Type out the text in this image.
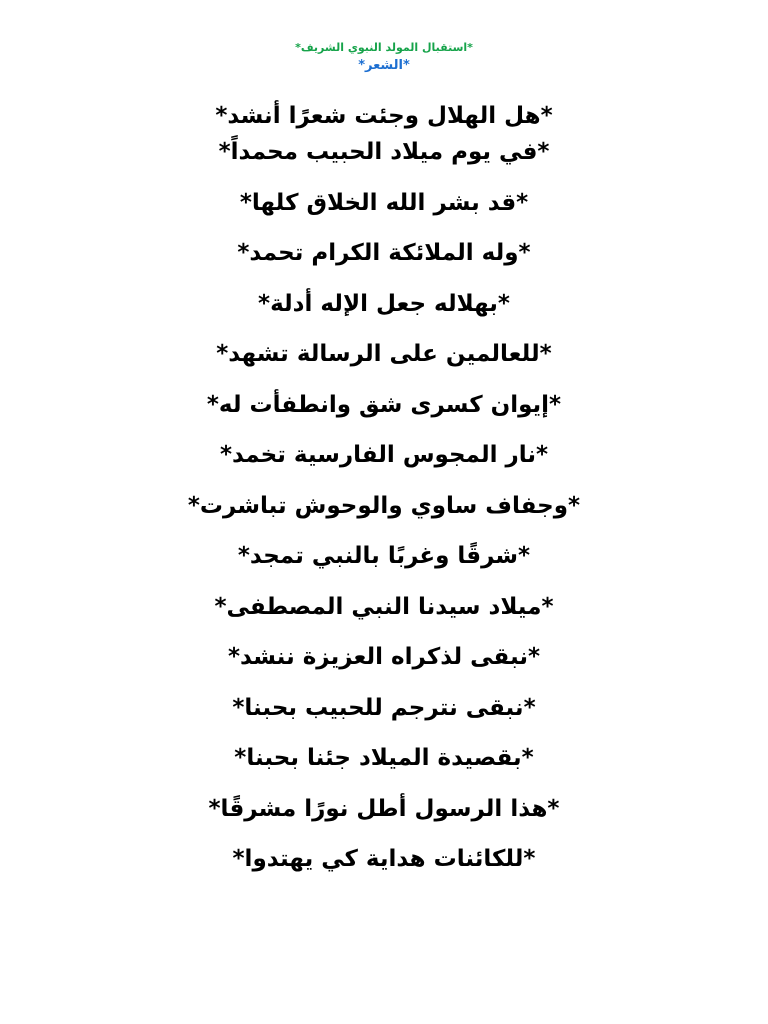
*استقبال المولد النبوي الشريف*
*الشعر*
*هل الهلال وجئت شعرًا أنشد*
*في يوم ميلاد الحبيب محمداً*
*قد بشر الله الخلاق كلها*
*وله الملائكة الكرام تحمد*
*بهلاله جعل الإله أدلة*
*للعالمين على الرسالة تشهد*
*إيوان كسرى شق وانطفأت له*
*نار المجوس الفارسية تخمد*
*وجفاف ساوي والوحوش تباشرت*
*شرقًا وغربًا بالنبي تمجد*
*ميلاد سيدنا النبي المصطفى*
*نبقى لذكراه العزيزة ننشد*
*نبقى نترجم للحبيب بحبنا*
*بقصيدة الميلاد جئنا بحبنا*
*هذا الرسول أطل نورًا مشرقًا*
*للكائنات هداية كي يهتدوا*
